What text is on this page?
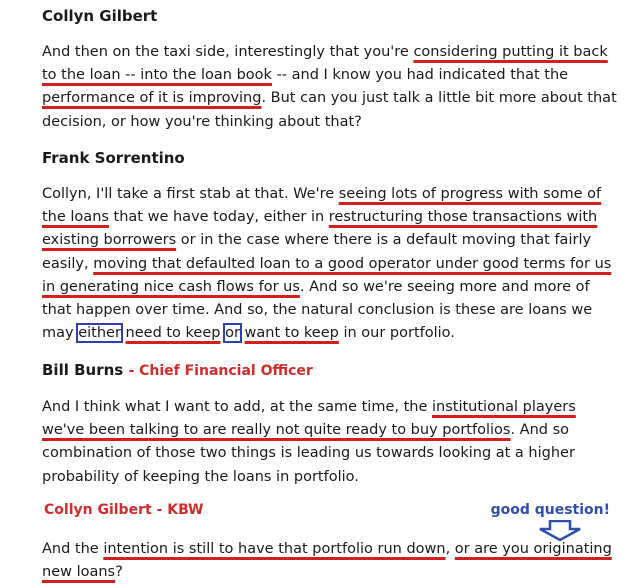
Collyn Gilbert
And then on the taxi side, interestingly that you're considering putting it back to the loan -- into the loan book -- and I know you had indicated that the performance of it is improving. But can you just talk a little bit more about that decision, or how you're thinking about that?
Frank Sorrentino
Collyn, I'll take a first stab at that. We're seeing lots of progress with some of the loans that we have today, either in restructuring those transactions with existing borrowers or in the case where there is a default moving that fairly easily, moving that defaulted loan to a good operator under good terms for us in generating nice cash flows for us. And so we're seeing more and more of that happen over time. And so, the natural conclusion is these are loans we may either need to keep or want to keep in our portfolio.
Bill Burns - Chief Financial Officer
And I think what I want to add, at the same time, the institutional players we've been talking to are really not quite ready to buy portfolios. And so combination of those two things is leading us towards looking at a higher probability of keeping the loans in portfolio.
Collyn Gilbert - KBW
And the intention is still to have that portfolio run down, or are you originating new loans?
good question!
